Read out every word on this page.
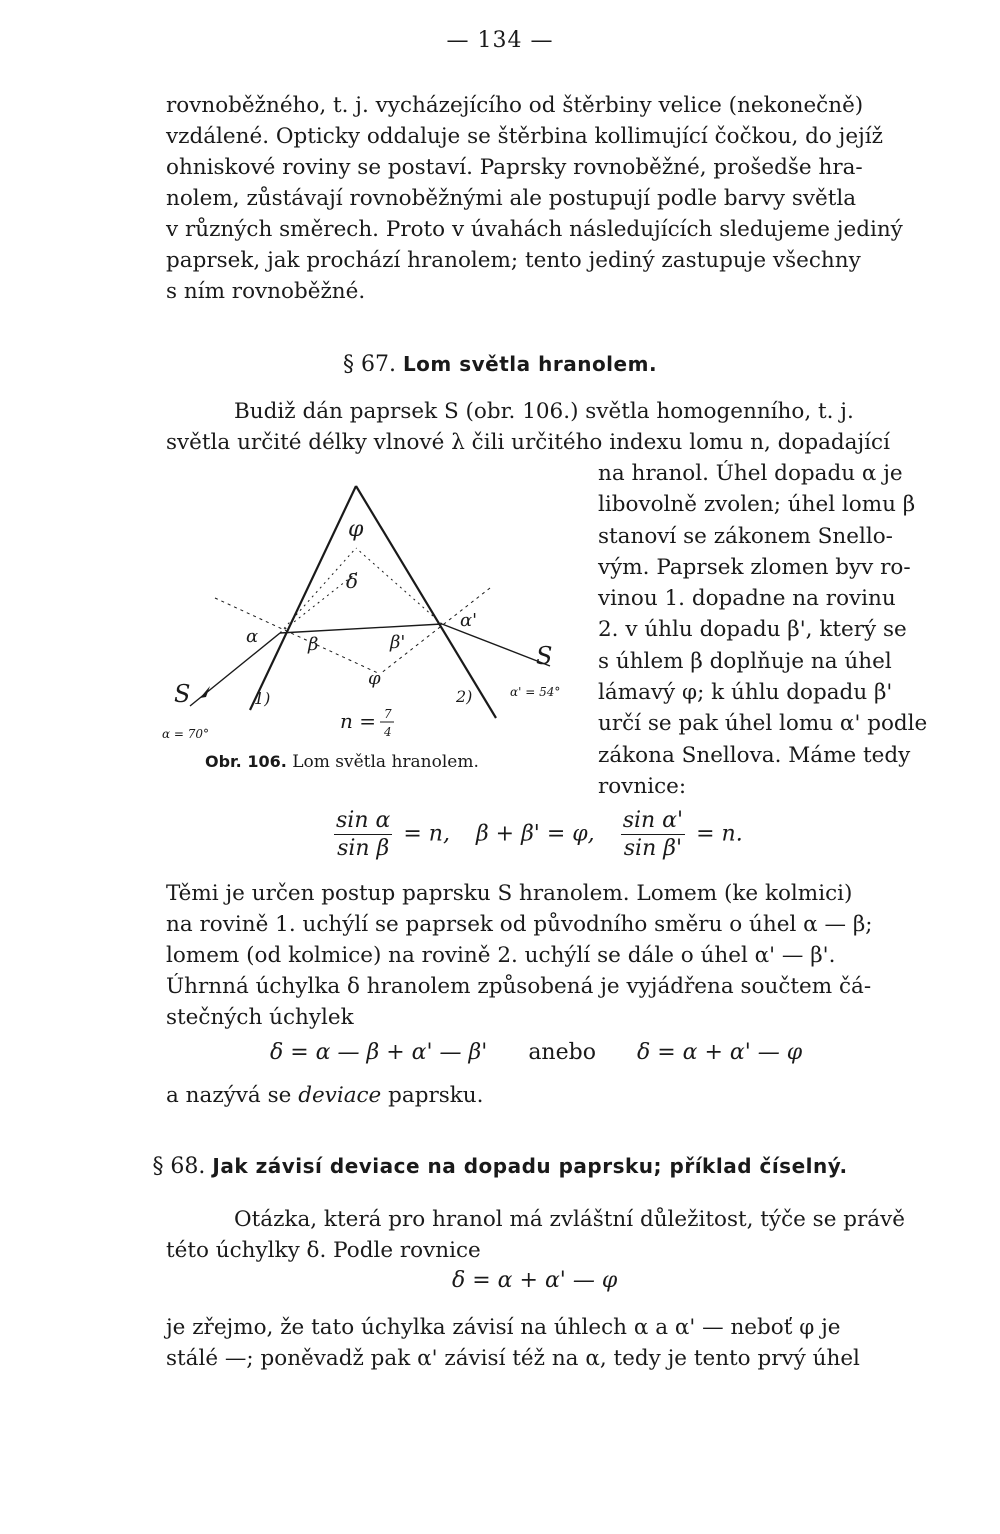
— 134 —
rovnoběžného, t. j. vycházejícího od štěrbiny velice (nekonečně)
vzdálené. Opticky oddaluje se štěrbina kollimující čočkou, do jejíž
ohniskové roviny se postaví. Paprsky rovnoběžné, prošedše hra-
nolem, zůstávají rovnoběžnými ale postupují podle barvy světla
v různých směrech. Proto v úvahách následujících sledujeme jediný
paprsek, jak prochází hranolem; tento jediný zastupuje všechny
s ním rovnoběžné.
§ 67. Lom světla hranolem.
Budiž dán paprsek S (obr. 106.) světla homogenního, t. j.
světla určité délky vlnové λ čili určitého indexu lomu n, dopadající
na hranol. Úhel dopadu α je
libovolně zvolen; úhel lomu β
stanoví se zákonem Snello-
vým. Paprsek zlomen byv ro-
vinou 1. dopadne na rovinu
2. v úhlu dopadu β', který se
s úhlem β doplňuje na úhel
lámavý φ; k úhlu dopadu β'
určí se pak úhel lomu α' podle
zákona Snellova. Máme tedy
rovnice:
φ
δ
α
α'
β	β'
φ
S
S
1)	2)
α = 70°
α' = 54°
n = 7
4
Obr. 106. Lom světla hranolem.
$\frac{\text{sin α}}{\text{sin β}} = n$, β + β' = φ, $\frac{\text{sin α'}}{\text{sin β'}} = n$.
Těmi je určen postup paprsku S hranolem. Lomem (ke kolmici)
na rovině 1. uchýlí se paprsek od původního směru o úhel α — β;
lomem (od kolmice) na rovině 2. uchýlí se dále o úhel α' — β'.
Úhrnná úchylka δ hranolem způsobená je vyjádřena součtem čá-
stečných úchylek
δ = α — β + α' — β' anebo δ = α + α' — φ
a nazývá se deviace paprsku.
§ 68. Jak závisí deviace na dopadu paprsku; příklad číselný.
Otázka, která pro hranol má zvláštní důležitost, týče se právě
této úchylky δ. Podle rovnice
δ = α + α' — φ
je zřejmo, že tato úchylka závisí na úhlech α a α' — neboť φ je
stálé —; poněvadž pak α' závisí též na α, tedy je tento prvý úhel
